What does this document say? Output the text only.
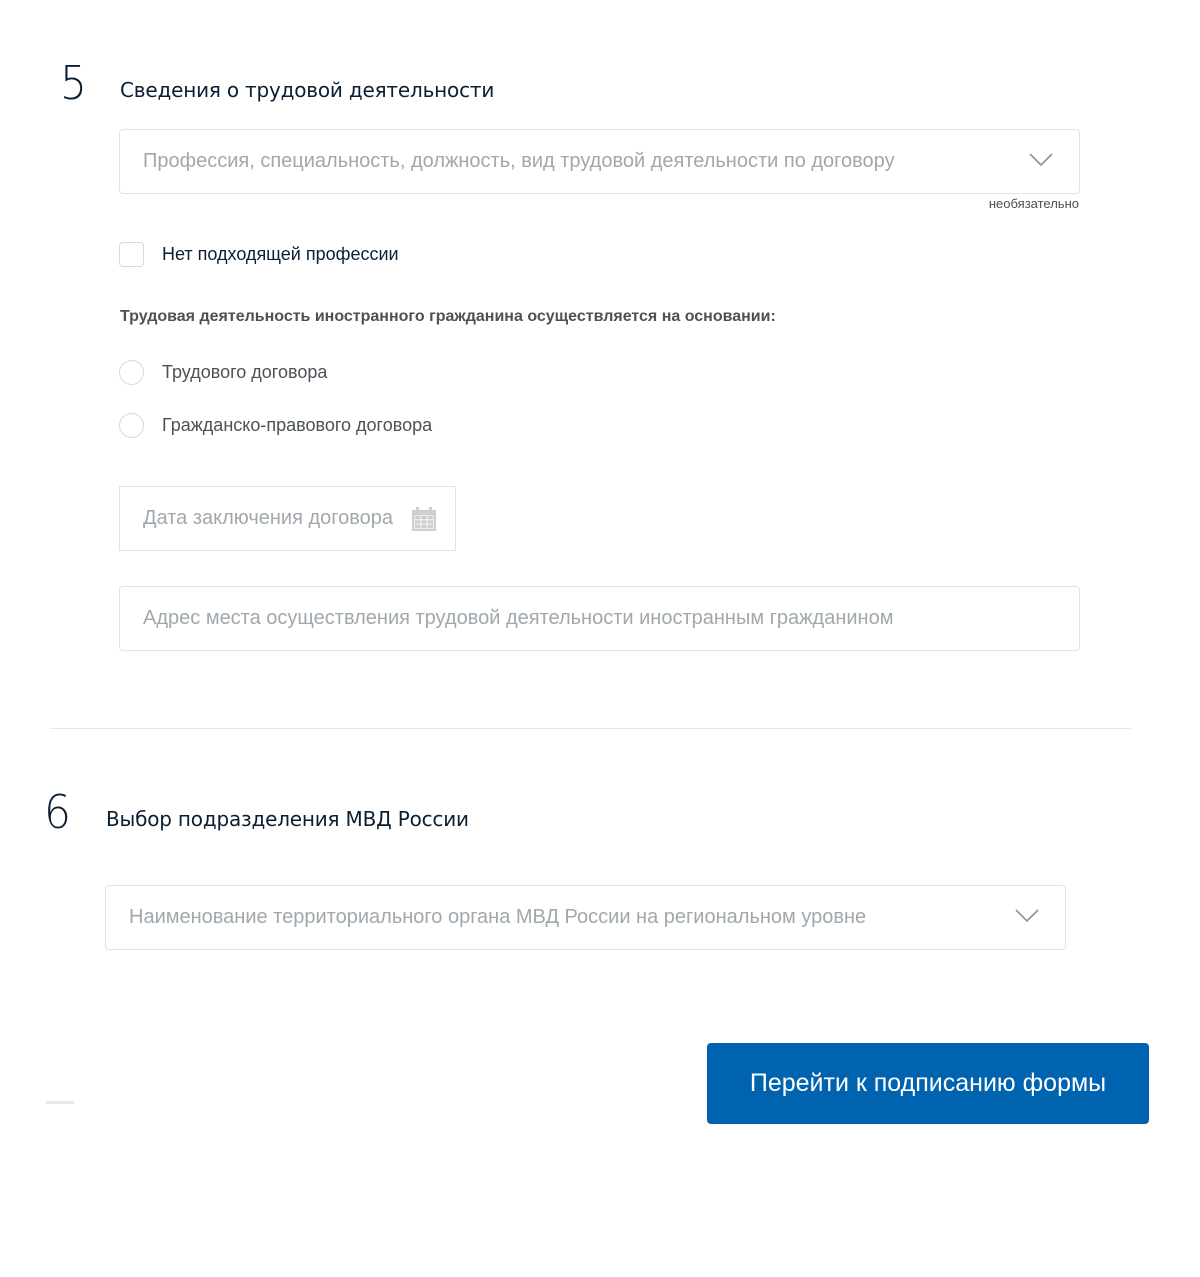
5 Сведения о трудовой деятельности
Профессия, специальность, должность, вид трудовой деятельности по договору
необязательно
Нет подходящей профессии
Трудовая деятельность иностранного гражданина осуществляется на основании:
Трудового договора
Гражданско-правового договора
Дата заключения договора
Адрес места осуществления трудовой деятельности иностранным гражданином
6 Выбор подразделения МВД России
Наименование территориального органа МВД России на региональном уровне
Перейти к подписанию формы
